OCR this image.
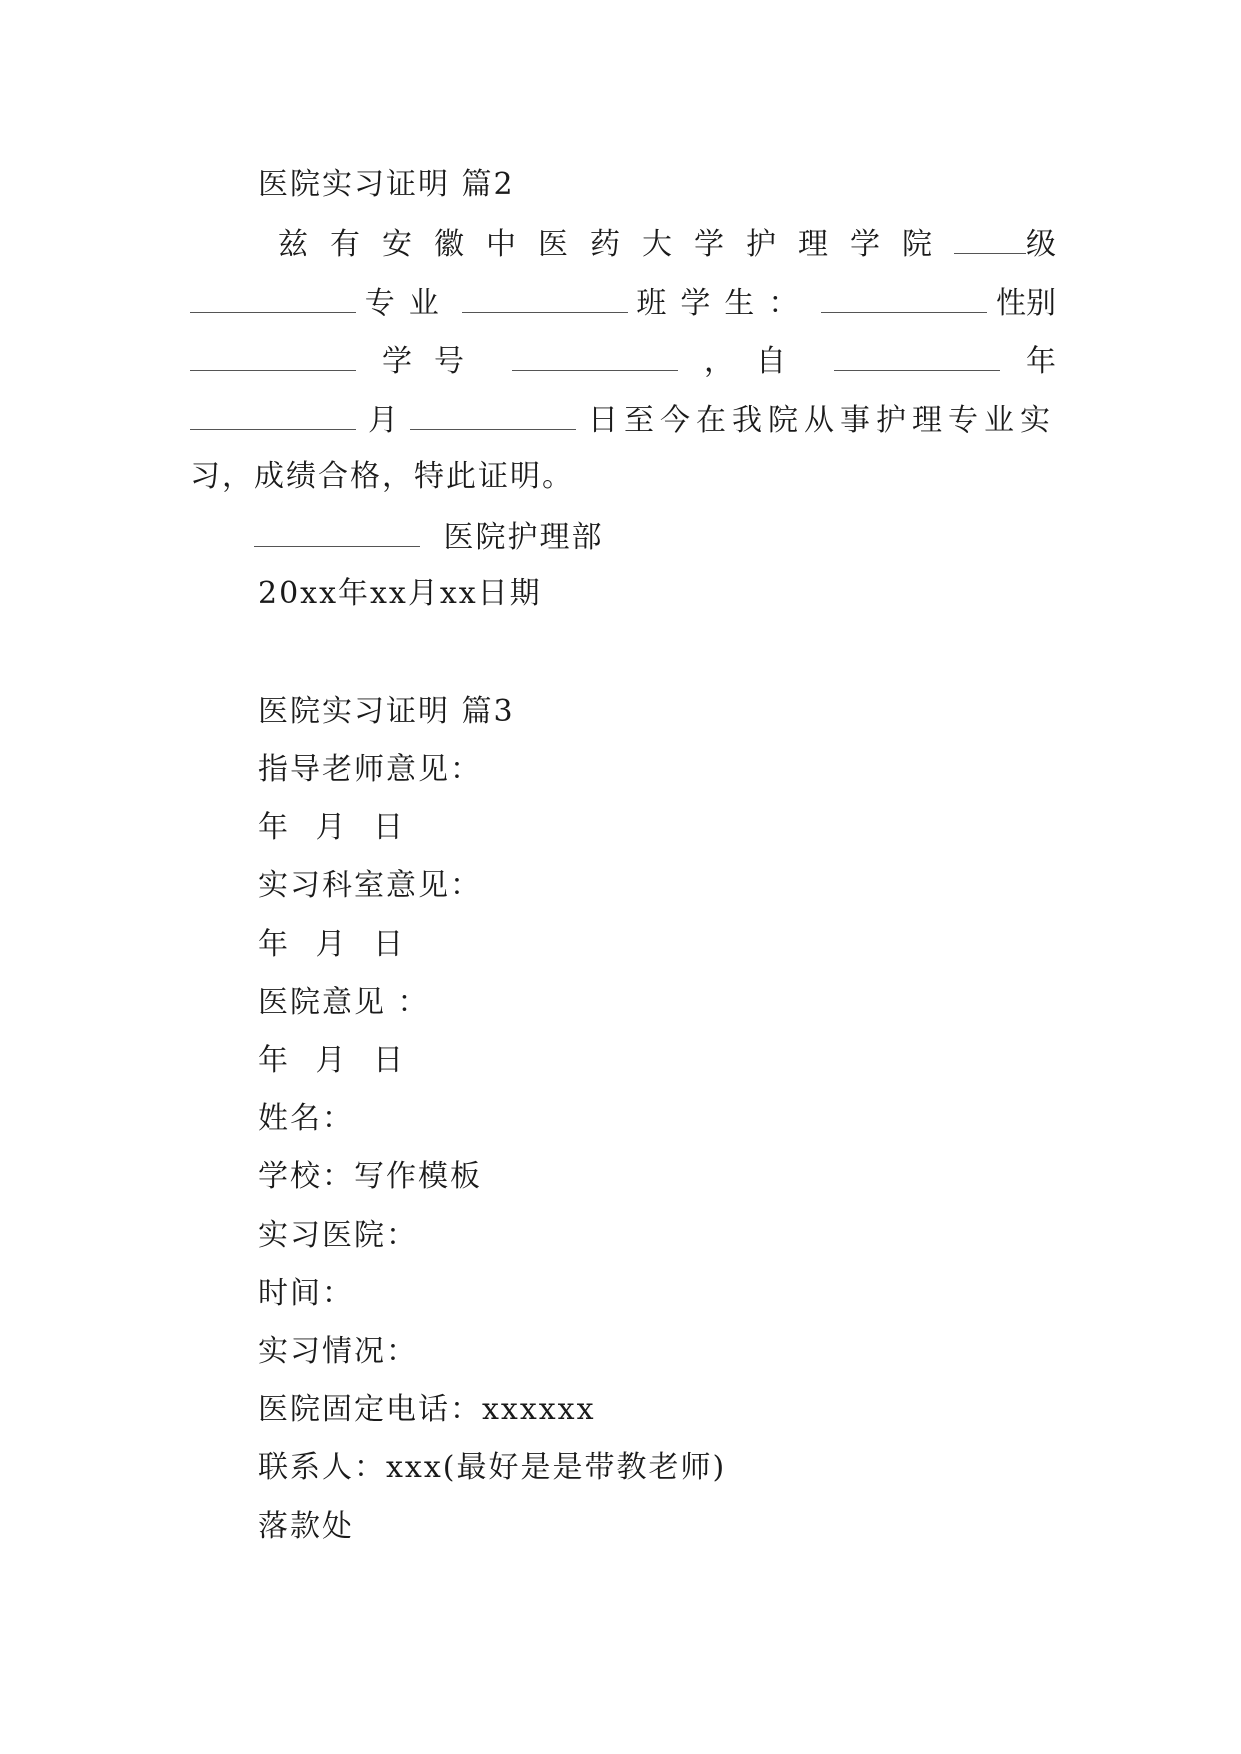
医院实习证明 篇2
兹有安徽中医药大学护理学院 级
专业	班学生：	性别
学号	，自	年
月	日至今在我院从事护理专业实
习，成绩合格，特此证明。
医院护理部
20xx年xx月xx日期
医院实习证明 篇3
指导老师意见：
年 月 日
实习科室意见：
年 月 日
医院意见 ：
年 月 日
姓名：
学校：写作模板
实习医院：
时间：
实习情况：
医院固定电话：xxxxxx
联系人：xxx(最好是是带教老师)
落款处
